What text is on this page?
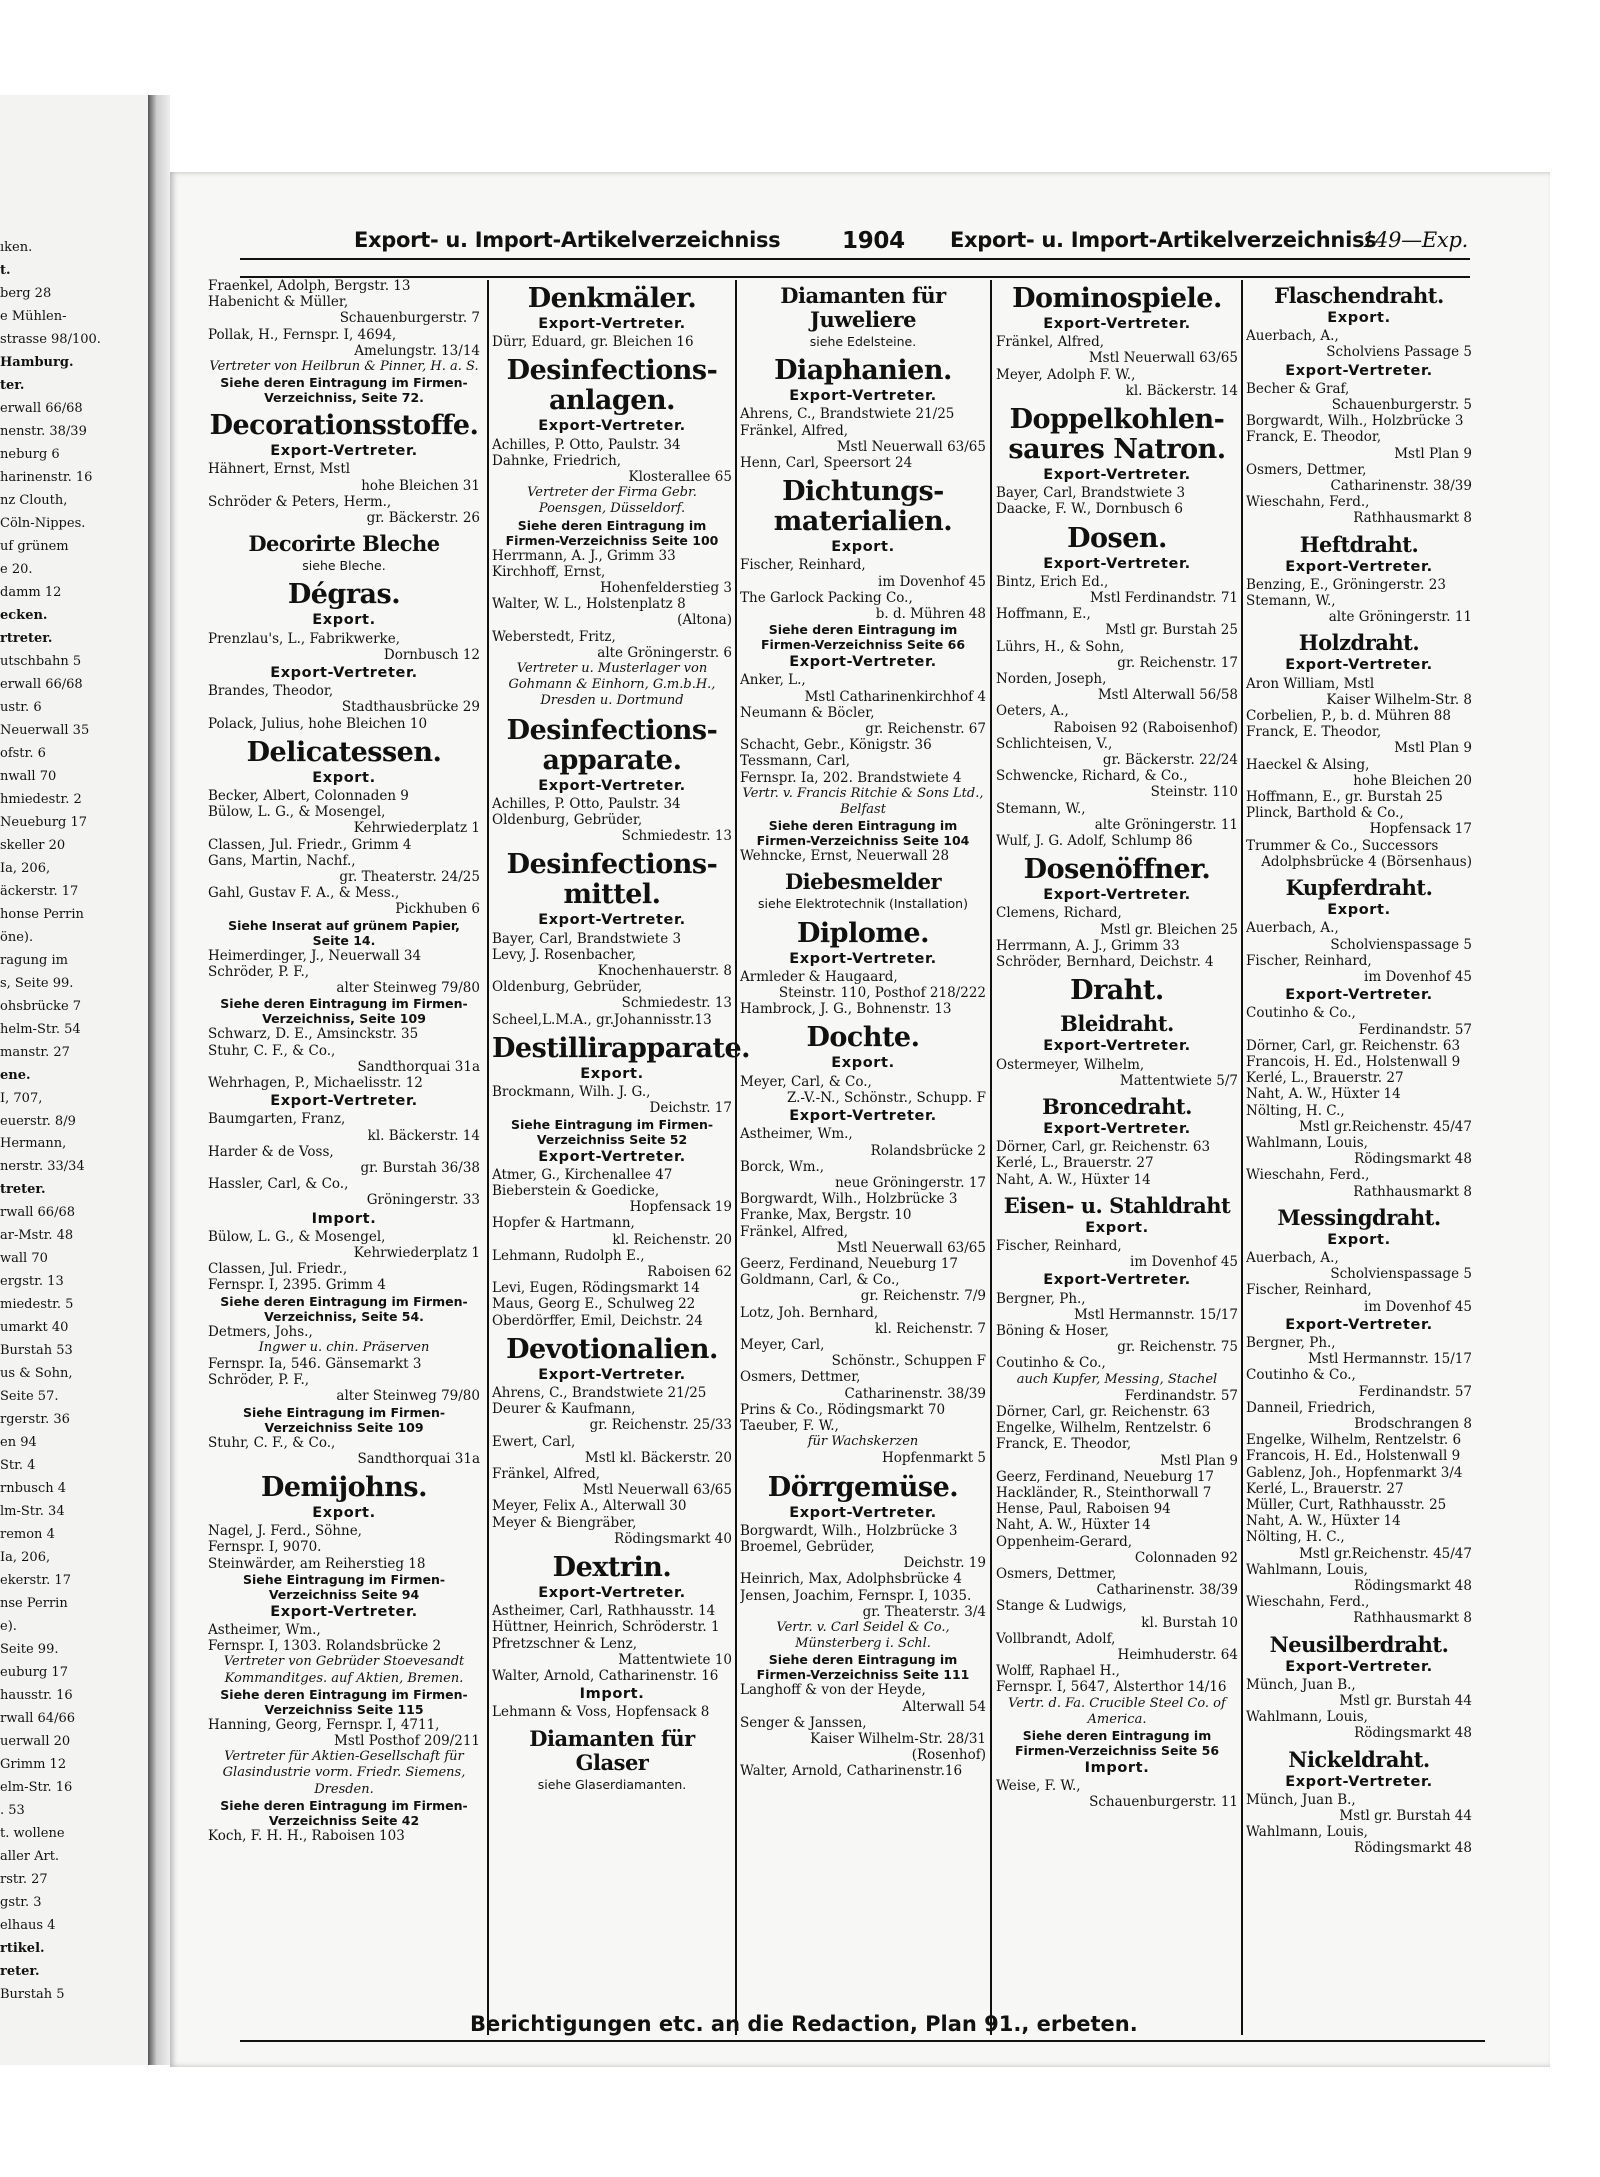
Export- u. Import-Artikelverzeichniss	1904 Export- u. Import-Artikelverzeichniss
149—Exp.
ıken.
t.
berg 28
e Mühlen-
strasse 98/100.
Hamburg.
ter.
erwall 66/68
nenstr. 38/39
neburg 6
harinenstr. 16
nz Clouth,
Cöln-Nippes.
uf grünem
e 20.
damm 12
ecken.
rtreter.
utschbahn 5
erwall 66/68
ustr. 6
Neuerwall 35
ofstr. 6
nwall 70
hmiedestr. 2
Neueburg 17
skeller 20
Ia, 206,
äckerstr. 17
honse Perrin
öne).
ragung im
s, Seite 99.
ohsbrücke 7
helm-Str. 54
manstr. 27
ene.
I, 707,
euerstr. 8/9
Hermann,
nerstr. 33/34
treter.
rwall 66/68
ar-Mstr. 48
wall 70
ergstr. 13
miedestr. 5
umarkt 40
Burstah 53
us & Sohn,
Seite 57.
rgerstr. 36
en 94
Str. 4
rnbusch 4
lm-Str. 34
remon 4
Ia, 206,
ekerstr. 17
nse Perrin
e).
Seite 99.
euburg 17
hausstr. 16
rwall 64/66
uerwall 20
Grimm 12
elm-Str. 16
. 53
t. wollene
aller Art.
rstr. 27
gstr. 3
elhaus 4
rtikel.
reter.
Burstah 5
Fraenkel, Adolph, Bergstr. 13
Habenicht & Müller,
Schauenburgerstr. 7
Pollak, H., Fernspr. I, 4694,
Amelungstr. 13/14
Vertreter von Heilbrun & Pinner, H. a. S.
Siehe deren Eintragung im Firmen-Verzeichniss, Seite 72.
Decorationsstoffe.
Export-Vertreter.
Hähnert, Ernst, Mstl
hohe Bleichen 31
Schröder & Peters, Herm.,
gr. Bäckerstr. 26
Decorirte Bleche
siehe Bleche.
Dégras.
Export.
Prenzlau's, L., Fabrikwerke,
Dornbusch 12
Export-Vertreter.
Brandes, Theodor,
Stadthausbrücke 29
Polack, Julius, hohe Bleichen 10
Delicatessen.
Export.
Becker, Albert, Colonnaden 9
Bülow, L. G., & Mosengel,
Kehrwiederplatz 1
Classen, Jul. Friedr., Grimm 4
Gans, Martin, Nachf.,
gr. Theaterstr. 24/25
Gahl, Gustav F. A., & Mess.,
Pickhuben 6
Siehe Inserat auf grünem Papier, Seite 14.
Heimerdinger, J., Neuerwall 34
Schröder, P. F.,
alter Steinweg 79/80
Siehe deren Eintragung im Firmen-Verzeichniss, Seite 109
Schwarz, D. E., Amsinckstr. 35
Stuhr, C. F., & Co.,
Sandthorquai 31a
Wehrhagen, P., Michaelisstr. 12
Export-Vertreter.
Baumgarten, Franz,
kl. Bäckerstr. 14
Harder & de Voss,
gr. Burstah 36/38
Hassler, Carl, & Co.,
Gröningerstr. 33
Import.
Bülow, L. G., & Mosengel,
Kehrwiederplatz 1
Classen, Jul. Friedr.,
Fernspr. I, 2395. Grimm 4
Siehe deren Eintragung im Firmen-Verzeichniss, Seite 54.
Detmers, Johs.,
Ingwer u. chin. Präserven
Fernspr. Ia, 546. Gänsemarkt 3
Schröder, P. F.,
alter Steinweg 79/80
Siehe Eintragung im Firmen-Verzeichniss Seite 109
Stuhr, C. F., & Co.,
Sandthorquai 31a
Demijohns.
Export.
Nagel, J. Ferd., Söhne,
Fernspr. I, 9070.
Steinwärder, am Reiherstieg 18
Siehe Eintragung im Firmen-Verzeichniss Seite 94
Export-Vertreter.
Astheimer, Wm.,
Fernspr. I, 1303. Rolandsbrücke 2
Vertreter von Gebrüder Stoevesandt Kommanditges. auf Aktien, Bremen.
Siehe deren Eintragung im Firmen-Verzeichniss Seite 115
Hanning, Georg, Fernspr. I, 4711,
Mstl Posthof 209/211
Vertreter für Aktien-Gesellschaft für Glasindustrie vorm. Friedr. Siemens, Dresden.
Siehe deren Eintragung im Firmen-Verzeichniss Seite 42
Koch, F. H. H., Raboisen 103
Denkmäler.
Export-Vertreter.
Dürr, Eduard, gr. Bleichen 16
Desinfections-anlagen.
Export-Vertreter.
Achilles, P. Otto, Paulstr. 34
Dahnke, Friedrich,
Klosterallee 65
Vertreter der Firma Gebr. Poensgen, Düsseldorf.
Siehe deren Eintragung im Firmen-Verzeichniss Seite 100
Herrmann, A. J., Grimm 33
Kirchhoff, Ernst,
Hohenfelderstieg 3
Walter, W. L., Holstenplatz 8
(Altona)
Weberstedt, Fritz,
alte Gröningerstr. 6
Vertreter u. Musterlager von Gohmann & Einhorn, G.m.b.H., Dresden u. Dortmund
Desinfections-apparate.
Export-Vertreter.
Achilles, P. Otto, Paulstr. 34
Oldenburg, Gebrüder,
Schmiedestr. 13
Desinfections-mittel.
Export-Vertreter.
Bayer, Carl, Brandstwiete 3
Levy, J. Rosenbacher,
Knochenhauerstr. 8
Oldenburg, Gebrüder,
Schmiedestr. 13
Scheel,L.M.A., gr.Johannisstr.13
Destillirapparate.
Export.
Brockmann, Wilh. J. G.,
Deichstr. 17
Siehe Eintragung im Firmen-Verzeichniss Seite 52
Export-Vertreter.
Atmer, G., Kirchenallee 47
Bieberstein & Goedicke,
Hopfensack 19
Hopfer & Hartmann,
kl. Reichenstr. 20
Lehmann, Rudolph E.,
Raboisen 62
Levi, Eugen, Rödingsmarkt 14
Maus, Georg E., Schulweg 22
Oberdörffer, Emil, Deichstr. 24
Devotionalien.
Export-Vertreter.
Ahrens, C., Brandstwiete 21/25
Deurer & Kaufmann,
gr. Reichenstr. 25/33
Ewert, Carl,
Mstl kl. Bäckerstr. 20
Fränkel, Alfred,
Mstl Neuerwall 63/65
Meyer, Felix A., Alterwall 30
Meyer & Biengräber,
Rödingsmarkt 40
Dextrin.
Export-Vertreter.
Astheimer, Carl, Rathhausstr. 14
Hüttner, Heinrich, Schröderstr. 1
Pfretzschner & Lenz,
Mattentwiete 10
Walter, Arnold, Catharinenstr. 16
Import.
Lehmann & Voss, Hopfensack 8
Diamanten für Glaser
siehe Glaserdiamanten.
Diamanten für Juweliere
siehe Edelsteine.
Diaphanien.
Export-Vertreter.
Ahrens, C., Brandstwiete 21/25
Fränkel, Alfred,
Mstl Neuerwall 63/65
Henn, Carl, Speersort 24
Dichtungs-materialien.
Export.
Fischer, Reinhard,
im Dovenhof 45
The Garlock Packing Co.,
b. d. Mühren 48
Siehe deren Eintragung im Firmen-Verzeichniss Seite 66
Export-Vertreter.
Anker, L.,
Mstl Catharinenkirchhof 4
Neumann & Böcler,
gr. Reichenstr. 67
Schacht, Gebr., Königstr. 36
Tessmann, Carl,
Fernspr. Ia, 202. Brandstwiete 4
Vertr. v. Francis Ritchie & Sons Ltd., Belfast
Siehe deren Eintragung im Firmen-Verzeichniss Seite 104
Wehncke, Ernst, Neuerwall 28
Diebesmelder
siehe Elektrotechnik (Installation)
Diplome.
Export-Vertreter.
Armleder & Haugaard,
Steinstr. 110, Posthof 218/222
Hambrock, J. G., Bohnenstr. 13
Dochte.
Export.
Meyer, Carl, & Co.,
Z.-V.-N., Schönstr., Schupp. F
Export-Vertreter.
Astheimer, Wm.,
Rolandsbrücke 2
Borck, Wm.,
neue Gröningerstr. 17
Borgwardt, Wilh., Holzbrücke 3
Franke, Max, Bergstr. 10
Fränkel, Alfred,
Mstl Neuerwall 63/65
Geerz, Ferdinand, Neueburg 17
Goldmann, Carl, & Co.,
gr. Reichenstr. 7/9
Lotz, Joh. Bernhard,
kl. Reichenstr. 7
Meyer, Carl,
Schönstr., Schuppen F
Osmers, Dettmer,
Catharinenstr. 38/39
Prins & Co., Rödingsmarkt 70
Taeuber, F. W.,
für Wachskerzen
Hopfenmarkt 5
Dörrgemüse.
Export-Vertreter.
Borgwardt, Wilh., Holzbrücke 3
Broemel, Gebrüder,
Deichstr. 19
Heinrich, Max, Adolphsbrücke 4
Jensen, Joachim, Fernspr. I, 1035.
gr. Theaterstr. 3/4
Vertr. v. Carl Seidel & Co., Münsterberg i. Schl.
Siehe deren Eintragung im Firmen-Verzeichniss Seite 111
Langhoff & von der Heyde,
Alterwall 54
Senger & Janssen,
Kaiser Wilhelm-Str. 28/31
(Rosenhof)
Walter, Arnold, Catharinenstr.16
Dominospiele.
Export-Vertreter.
Fränkel, Alfred,
Mstl Neuerwall 63/65
Meyer, Adolph F. W.,
kl. Bäckerstr. 14
Doppelkohlen-saures Natron.
Export-Vertreter.
Bayer, Carl, Brandstwiete 3
Daacke, F. W., Dornbusch 6
Dosen.
Export-Vertreter.
Bintz, Erich Ed.,
Mstl Ferdinandstr. 71
Hoffmann, E.,
Mstl gr. Burstah 25
Lührs, H., & Sohn,
gr. Reichenstr. 17
Norden, Joseph,
Mstl Alterwall 56/58
Oeters, A.,
Raboisen 92 (Raboisenhof)
Schlichteisen, V.,
gr. Bäckerstr. 22/24
Schwencke, Richard, & Co.,
Steinstr. 110
Stemann, W.,
alte Gröningerstr. 11
Wulf, J. G. Adolf, Schlump 86
Dosenöffner.
Export-Vertreter.
Clemens, Richard,
Mstl gr. Bleichen 25
Herrmann, A. J., Grimm 33
Schröder, Bernhard, Deichstr. 4
Draht.
Bleidraht.
Export-Vertreter.
Ostermeyer, Wilhelm,
Mattentwiete 5/7
Broncedraht.
Export-Vertreter.
Dörner, Carl, gr. Reichenstr. 63
Kerlé, L., Brauerstr. 27
Naht, A. W., Hüxter 14
Eisen- u. Stahldraht
Export.
Fischer, Reinhard,
im Dovenhof 45
Export-Vertreter.
Bergner, Ph.,
Mstl Hermannstr. 15/17
Böning & Hoser,
gr. Reichenstr. 75
Coutinho & Co.,
auch Kupfer, Messing, Stachel
Ferdinandstr. 57
Dörner, Carl, gr. Reichenstr. 63
Engelke, Wilhelm, Rentzelstr. 6
Franck, E. Theodor,
Mstl Plan 9
Geerz, Ferdinand, Neueburg 17
Hackländer, R., Steinthorwall 7
Hense, Paul, Raboisen 94
Naht, A. W., Hüxter 14
Oppenheim-Gerard,
Colonnaden 92
Osmers, Dettmer,
Catharinenstr. 38/39
Stange & Ludwigs,
kl. Burstah 10
Vollbrandt, Adolf,
Heimhuderstr. 64
Wolff, Raphael H.,
Fernspr. I, 5647, Alsterthor 14/16
Vertr. d. Fa. Crucible Steel Co. of America.
Siehe deren Eintragung im Firmen-Verzeichniss Seite 56
Import.
Weise, F. W.,
Schauenburgerstr. 11
Flaschendraht.
Export.
Auerbach, A.,
Scholviens Passage 5
Export-Vertreter.
Becher & Graf,
Schauenburgerstr. 5
Borgwardt, Wilh., Holzbrücke 3
Franck, E. Theodor,
Mstl Plan 9
Osmers, Dettmer,
Catharinenstr. 38/39
Wieschahn, Ferd.,
Rathhausmarkt 8
Heftdraht.
Export-Vertreter.
Benzing, E., Gröningerstr. 23
Stemann, W.,
alte Gröningerstr. 11
Holzdraht.
Export-Vertreter.
Aron William, Mstl
Kaiser Wilhelm-Str. 8
Corbelien, P., b. d. Mühren 88
Franck, E. Theodor,
Mstl Plan 9
Haeckel & Alsing,
hohe Bleichen 20
Hoffmann, E., gr. Burstah 25
Plinck, Barthold & Co.,
Hopfensack 17
Trummer & Co., Successors
Adolphsbrücke 4 (Börsenhaus)
Kupferdraht.
Export.
Auerbach, A.,
Scholvienspassage 5
Fischer, Reinhard,
im Dovenhof 45
Export-Vertreter.
Coutinho & Co.,
Ferdinandstr. 57
Dörner, Carl, gr. Reichenstr. 63
Francois, H. Ed., Holstenwall 9
Kerlé, L., Brauerstr. 27
Naht, A. W., Hüxter 14
Nölting, H. C.,
Mstl gr.Reichenstr. 45/47
Wahlmann, Louis,
Rödingsmarkt 48
Wieschahn, Ferd.,
Rathhausmarkt 8
Messingdraht.
Export.
Auerbach, A.,
Scholvienspassage 5
Fischer, Reinhard,
im Dovenhof 45
Export-Vertreter.
Bergner, Ph.,
Mstl Hermannstr. 15/17
Coutinho & Co.,
Ferdinandstr. 57
Danneil, Friedrich,
Brodschrangen 8
Engelke, Wilhelm, Rentzelstr. 6
Francois, H. Ed., Holstenwall 9
Gablenz, Joh., Hopfenmarkt 3/4
Kerlé, L., Brauerstr. 27
Müller, Curt, Rathhausstr. 25
Naht, A. W., Hüxter 14
Nölting, H. C.,
Mstl gr.Reichenstr. 45/47
Wahlmann, Louis,
Rödingsmarkt 48
Wieschahn, Ferd.,
Rathhausmarkt 8
Neusilberdraht.
Export-Vertreter.
Münch, Juan B.,
Mstl gr. Burstah 44
Wahlmann, Louis,
Rödingsmarkt 48
Nickeldraht.
Export-Vertreter.
Münch, Juan B.,
Mstl gr. Burstah 44
Wahlmann, Louis,
Rödingsmarkt 48
Berichtigungen etc. an die Redaction, Plan 91., erbeten.
